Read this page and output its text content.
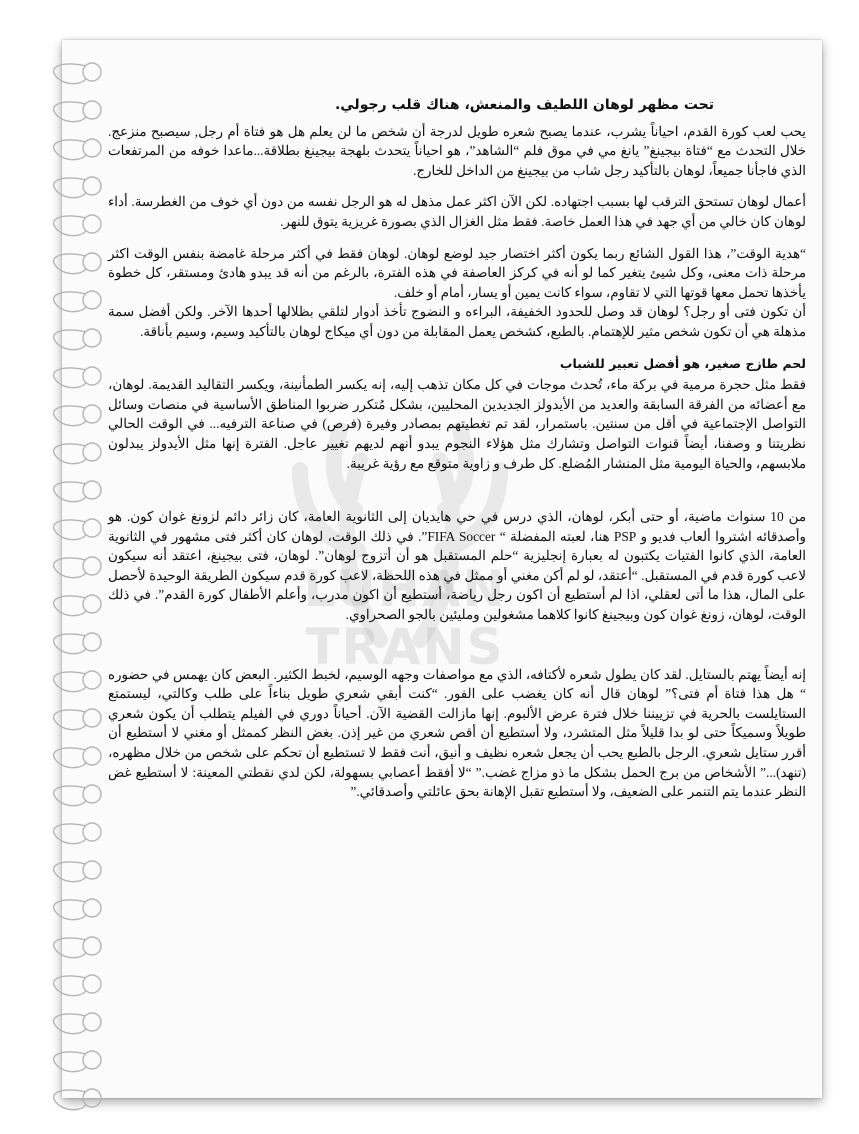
LUHAN TRANS
تحت مظهر لوهان اللطيف والمنعش، هناك قلب رجولي.

يحب لعب كورة القدم، احياناً يشرب، عندما يصبح شعره طويل لدرجة أن شخص ما لن يعلم هل هو فتاة أم رجل, سيصبح منزعج. خلال التحدث مع “فتاة بيجينغ” يانغ مي في موق فلم “الشاهد”، هو احياناً يتحدث بلهجة بيجينغ بطلاقة...ماعدا خوفه من المرتفعات الذي فاجأنا جميعاً، لوهان بالتأكيد رجل شاب من بيجينغ من الداخل للخارج.

أعمال لوهان تستحق الترقب لها بسبب اجتهاده. لكن الآن اكثر عمل مذهل له هو الرجل نفسه من دون أي خوف من الغطرسة. أداء لوهان كان خالي من أي جهد في هذا العمل خاصة. فقط مثل الغزال الذي بصورة غريزية يتوق للنهر.

“هدية الوقت”، هذا القول الشائع ربما يكون أكثر اختصار جيد لوضع لوهان. لوهان فقط في أكثر مرحلة غامضة بنفس الوقت اكثر مرحلة ذات معنى، وكل شيئ يتغير كما لو أنه في كركز العاصفة في هذه الفترة، بالرغم من أنه قد يبدو هادئ ومستقر، كل خطوة يأخذها تحمل معها قوتها التي لا تقاوم، سواء كانت يمين أو يسار، أمام أو خلف.

أن تكون فتى أو رجل؟ لوهان قد وصل للحدود الخفيفة، البراءه و النضوج تأخذ أدوار لتلقي بظلالها أحدها الآخر. ولكن أفضل سمة مذهلة هي أن تكون شخص مثير للإهتمام. بالطبع، كشخص يعمل المقابلة من دون أي ميكاج لوهان بالتأكيد وسيم، وسيم بأناقة.

لحم طازج صغير، هو أفضل تعبير للشباب

فقط مثل حجرة مرمية في بركة ماء، تُحدث موجات في كل مكان تذهب إليه، إنه يكسر الطمأنينة، ويكسر التقاليد القديمة. لوهان، مع أعضائه من الفرقة السابقة والعديد من الأيدولز الجديدين المحليين، بشكل مُتكرر ضربوا المناطق الأساسية في منصات وسائل التواصل الإجتماعية في أقل من سنتين. باستمرار، لقد تم تغطيتهم بمصادر وفيرة (فرص) في صناعة الترفيه... في الوقت الحالي نظريتنا و وصفنا، أيضاً قنوات التواصل وتشارك مثل هؤلاء النجوم يبدو أنهم لديهم تغيير عاجل. الفترة إنها مثل الأيدولز يبدلون ملابسهم، والحياة اليومية مثل المنشار المُضلع. كل طرف و زاوية متوقع مع رؤية غريبة.

من 10 سنوات ماضية، أو حتى أبكر، لوهان، الذي درس في حي هايديان إلى الثانوية العامة، كان زائر دائم لزونغ غوان كون. هو وأصدقائه اشتروا ألعاب فديو و PSP هنا، لعبته المفضلة “ FIFA Soccer”. في ذلك الوقت، لوهان كان أكثر فتى مشهور في الثانوية العامة، الذي كانوا الفتيات يكتبون له بعبارة إنجليزية “حلم المستقبل هو أن أتزوج لوهان”. لوهان، فتى بيجينغ، اعتقد أنه سيكون لاعب كورة قدم في المستقبل. “أعتقد، لو لم أكن مغني أو ممثل في هذه اللحظة، لاعب كورة قدم سيكون الطريقة الوحيدة لأحصل على المال، هذا ما أتى لعقلي، اذا لم أستطيع أن اكون رجل رياضة، أستطيع أن اكون مدرب، وأعلم الأطفال كورة القدم”. في ذلك الوقت، لوهان، زونغ غوان كون وبيجينغ كانوا كلاهما مشغولين ومليئين بالجو الصحراوي.

إنه أيضاً يهتم بالستايل. لقد كان يطول شعره لأكتافه، الذي مع مواصفات وجهه الوسيم، لخبط الكثير. البعض كان يهمس في حضوره “ هل هذا فتاة أم فتى؟” لوهان قال أنه كان يغضب على الفور. “كنت أبقي شعري طويل بناءاً على طلب وكالتي، ليستمتع الستايلست بالحرية في تزييننا خلال فترة عرض الألبوم. إنها مازالت القضية الآن. أحياناً دوري في الفيلم يتطلب أن يكون شعري طويلاً وسميكاً حتى لو بدا قليلاً مثل المتشرد، ولا أستطيع أن أقص شعري من غير إذن. بغض النظر كممثل أو مغني لا أستطيع أن أقرر ستايل شعري. الرجل بالطبع يحب أن يجعل شعره نظيف و أنيق، أنت فقط لا تستطيع أن تحكم على شخص من خلال مظهره، (تنهد)...” الأشخاص من برج الحمل بشكل ما ذو مزاج غضب.” “لا أفقط أعصابي بسهولة، لكن لدي نقطتي المعينة: لا أستطيع غض النظر عندما يتم التنمر على الضعيف، ولا أستطيع تقبل الإهانة بحق عائلتي وأصدقائي.”
